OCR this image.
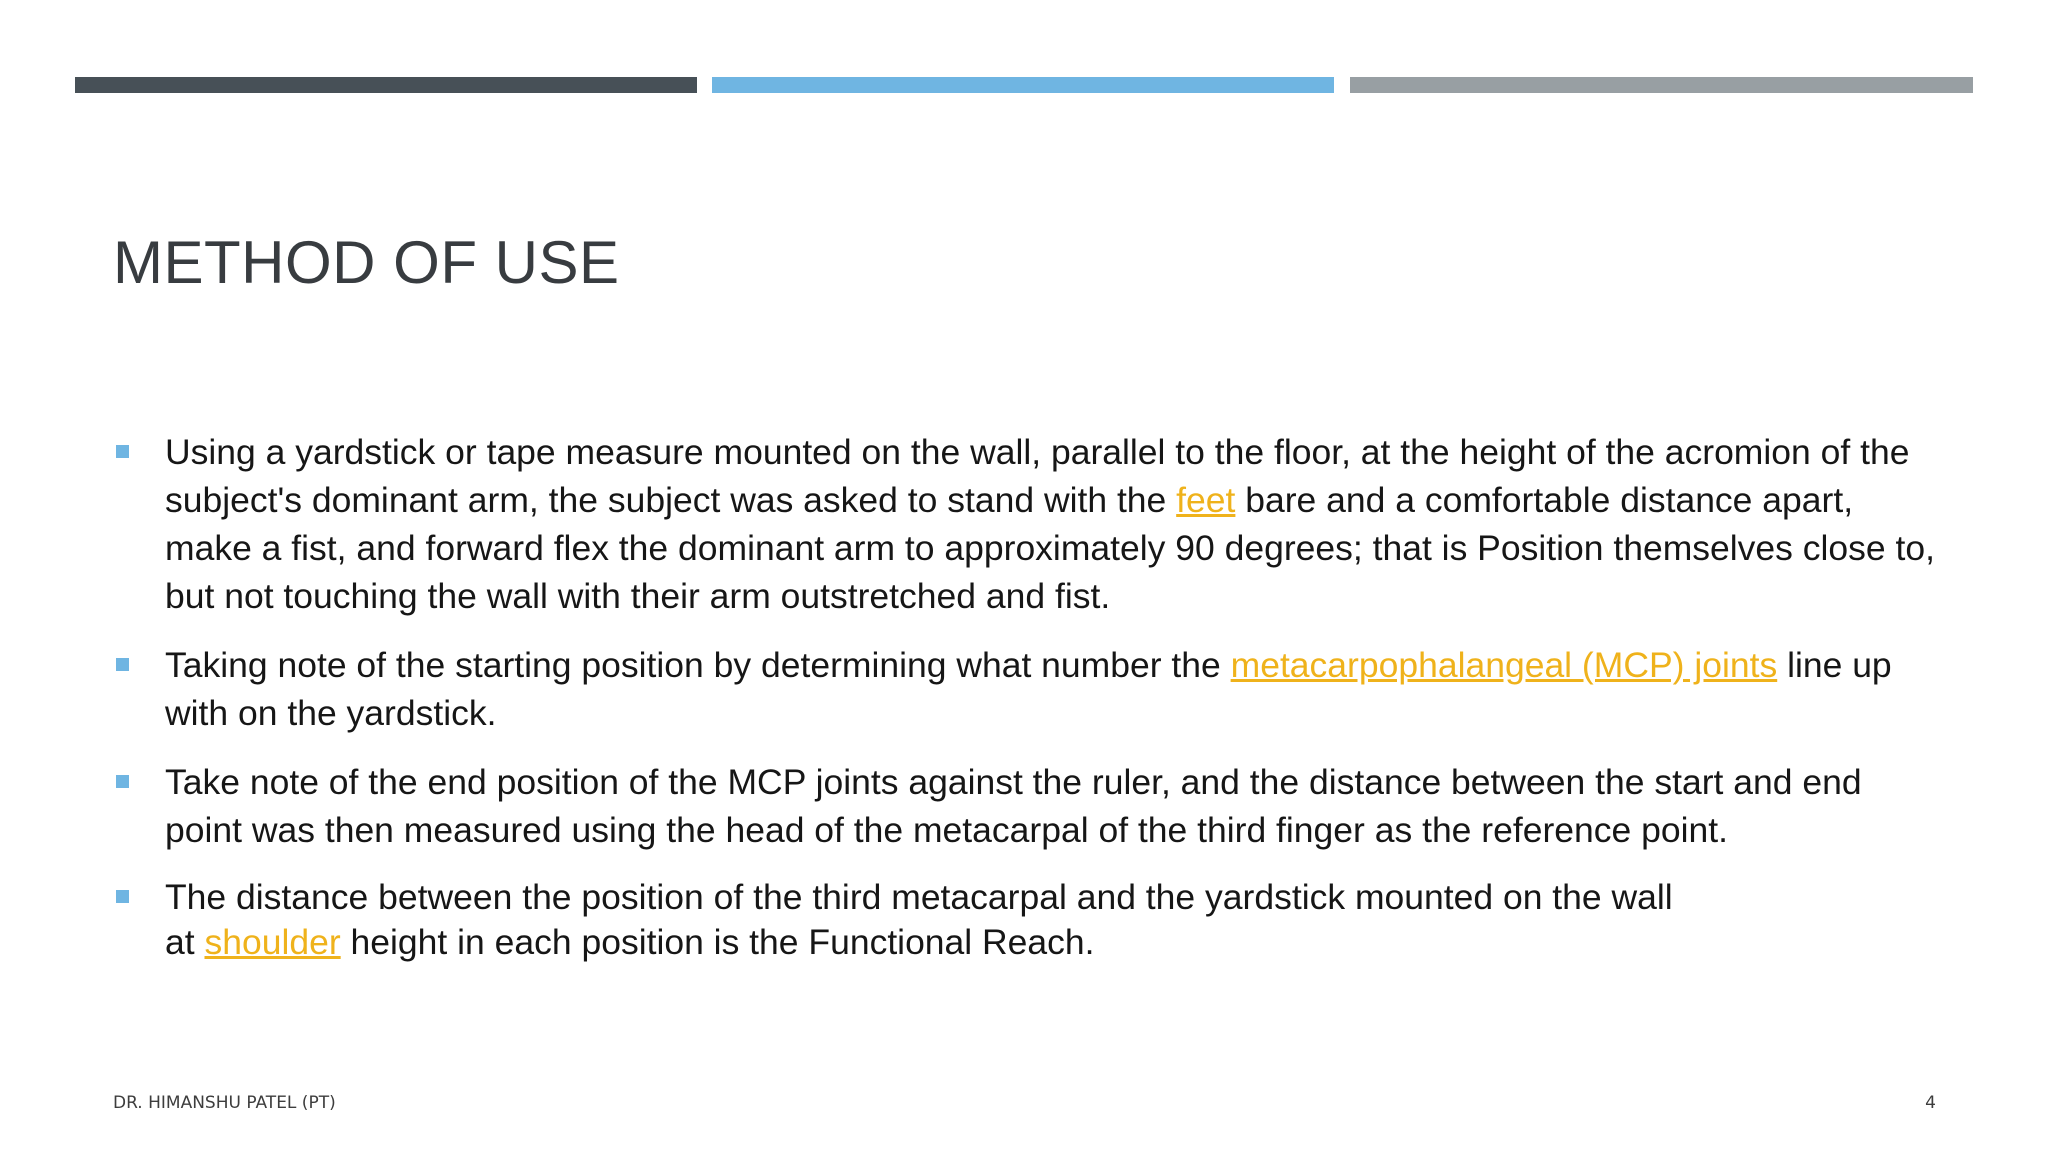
METHOD OF USE
Using a yardstick or tape measure mounted on the wall, parallel to the floor, at the height of the acromion of the subject's dominant arm, the subject was asked to stand with the feet bare and a comfortable distance apart, make a fist, and forward flex the dominant arm to approximately 90 degrees; that is Position themselves close to, but not touching the wall with their arm outstretched and fist.
Taking note of the starting position by determining what number the metacarpophalangeal (MCP) joints line up with on the yardstick.
Take note of the end position of the MCP joints against the ruler, and the distance between the start and end point was then measured using the head of the metacarpal of the third finger as the reference point.
The distance between the position of the third metacarpal and the yardstick mounted on the wall
at shoulder height in each position is the Functional Reach.
DR. HIMANSHU PATEL (PT)	4
